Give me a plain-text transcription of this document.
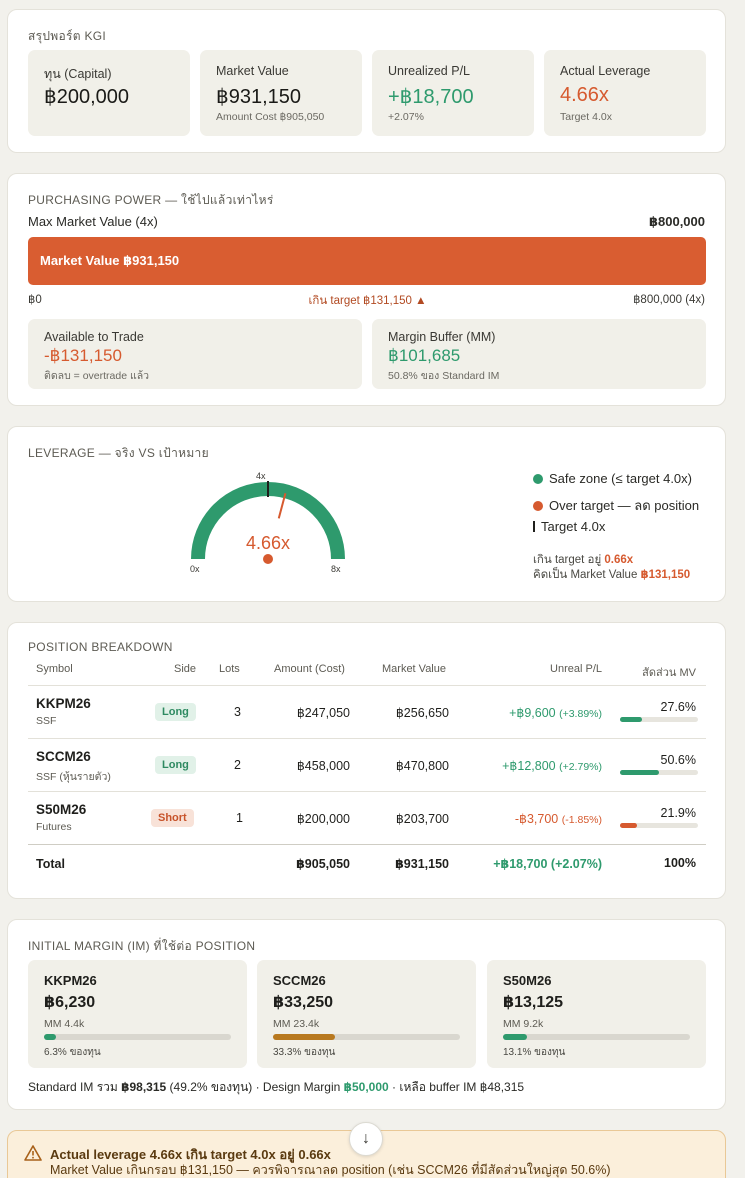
สรุปพอร์ต KGI
ทุน (Capital)
฿200,000
Market Value
฿931,150
Amount Cost ฿905,050
Unrealized P/L
+฿18,700
+2.07%
Actual Leverage
4.66x
Target 4.0x
PURCHASING POWER — ใช้ไปแล้วเท่าไหร่
Max Market Value (4x)	฿800,000
Market Value ฿931,150
฿0	เกิน target ฿131,150 ▲	฿800,000 (4x)
Available to Trade
-฿131,150
ติดลบ = overtrade แล้ว
Margin Buffer (MM)
฿101,685
50.8% ของ Standard IM
LEVERAGE — จริง VS เป้าหมาย
4x
0x	8x
4.66x
Safe zone (≤ target 4.0x)
Over target — ลด position
Target 4.0x
เกิน target อยู่ 0.66x
คิดเป็น Market Value ฿131,150
POSITION BREAKDOWN
Symbol	Side Lots	Amount (Cost)	Market Value	Unreal P/L	สัดส่วน MV
KKPM26
SSF
Long	3	฿247,050	฿256,650	+฿9,600 (+3.89%)	27.6%
SCCM26
SSF (หุ้นรายตัว)
Long	2	฿458,000	฿470,800	+฿12,800 (+2.79%)	50.6%
S50M26
Futures
Short	1	฿200,000	฿203,700	-฿3,700 (-1.85%)	21.9%
Total	฿905,050	฿931,150	+฿18,700 (+2.07%)	100%
INITIAL MARGIN (IM) ที่ใช้ต่อ POSITION
KKPM26
฿6,230
MM 4.4k
6.3% ของทุน
SCCM26
฿33,250
MM 23.4k
33.3% ของทุน
S50M26
฿13,125
MM 9.2k
13.1% ของทุน
Standard IM รวม ฿98,315 (49.2% ของทุน) · Design Margin ฿50,000 · เหลือ buffer IM ฿48,315
Actual leverage 4.66x เกิน target 4.0x อยู่ 0.66x
Market Value เกินกรอบ ฿131,150 — ควรพิจารณาลด position (เช่น SCCM26 ที่มีสัดส่วนใหญ่สุด 50.6%)
↓
